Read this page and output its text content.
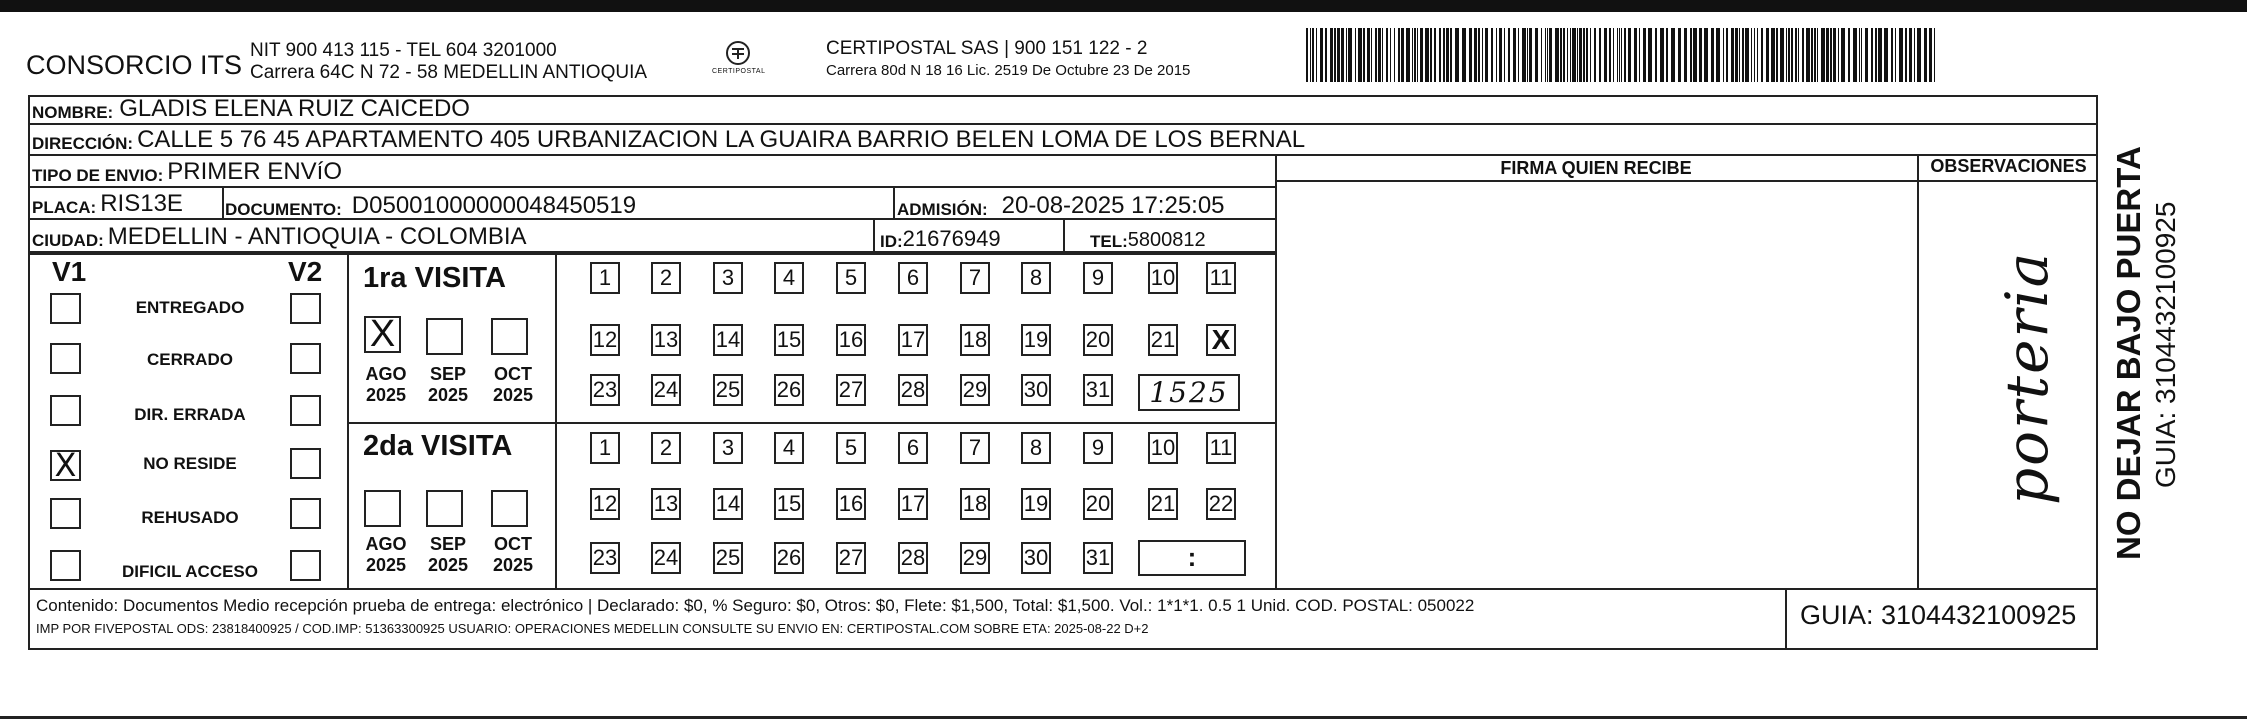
CONSORCIO ITS NIT 900 413 115 - TEL 604 3201000
Carrera 64C N 72 - 58 MEDELLIN ANTIOQUIA	CERTIPOSTAL
CERTIPOSTAL SAS | 900 151 122 - 2
Carrera 80d N 18 16 Lic. 2519 De Octubre 23 De 2015
NOMBRE: GLADIS ELENA RUIZ CAICEDO
DIRECCIÓN: CALLE 5 76 45 APARTAMENTO 405 URBANIZACION LA GUAIRA BARRIO BELEN LOMA DE LOS BERNAL
TIPO DE ENVIO: PRIMER ENVíO
PLACA: RIS13E DOCUMENTO: D05001000000048450519	ADMISIÓN: 20-08-2025 17:25:05
CIUDAD: MEDELLIN - ANTIOQUIA - COLOMBIA	ID: 21676949	TEL: 5800812
FIRMA QUIEN RECIBE	OBSERVACIONES
porteria
V1	V2
ENTREGADO
CERRADO
DIR. ERRADA
X	NO RESIDE
REHUSADO
DIFICIL ACCESO
1ra VISITA
X
AGO
2025
SEP
2025
OCT
2025
1	2	3	4	5	6	7	8	9	10 11
12 13 14 15 16 17 18 19 20 21 X
23 24 25 26 27 28 29 30 31	1525
2da VISITA
AGO
2025
SEP
2025
OCT
2025
1	2	3	4	5	6	7	8	9	10 11
12 13 14 15 16 17 18 19 20 21 22
23 24 25 26 27 28 29 30 31	:
Contenido: Documentos Medio recepción prueba de entrega: electrónico | Declarado: $0, % Seguro: $0, Otros: $0, Flete: $1,500, Total: $1,500. Vol.: 1*1*1. 0.5 1 Unid. COD. POSTAL: 050022
IMP POR FIVEPOSTAL ODS: 23818400925 / COD.IMP: 51363300925 USUARIO: OPERACIONES MEDELLIN CONSULTE SU ENVIO EN: CERTIPOSTAL.COM SOBRE ETA: 2025-08-22 D+2	GUIA: 3104432100925
NO DEJAR BAJO PUERTA GUIA: 3104432100925
